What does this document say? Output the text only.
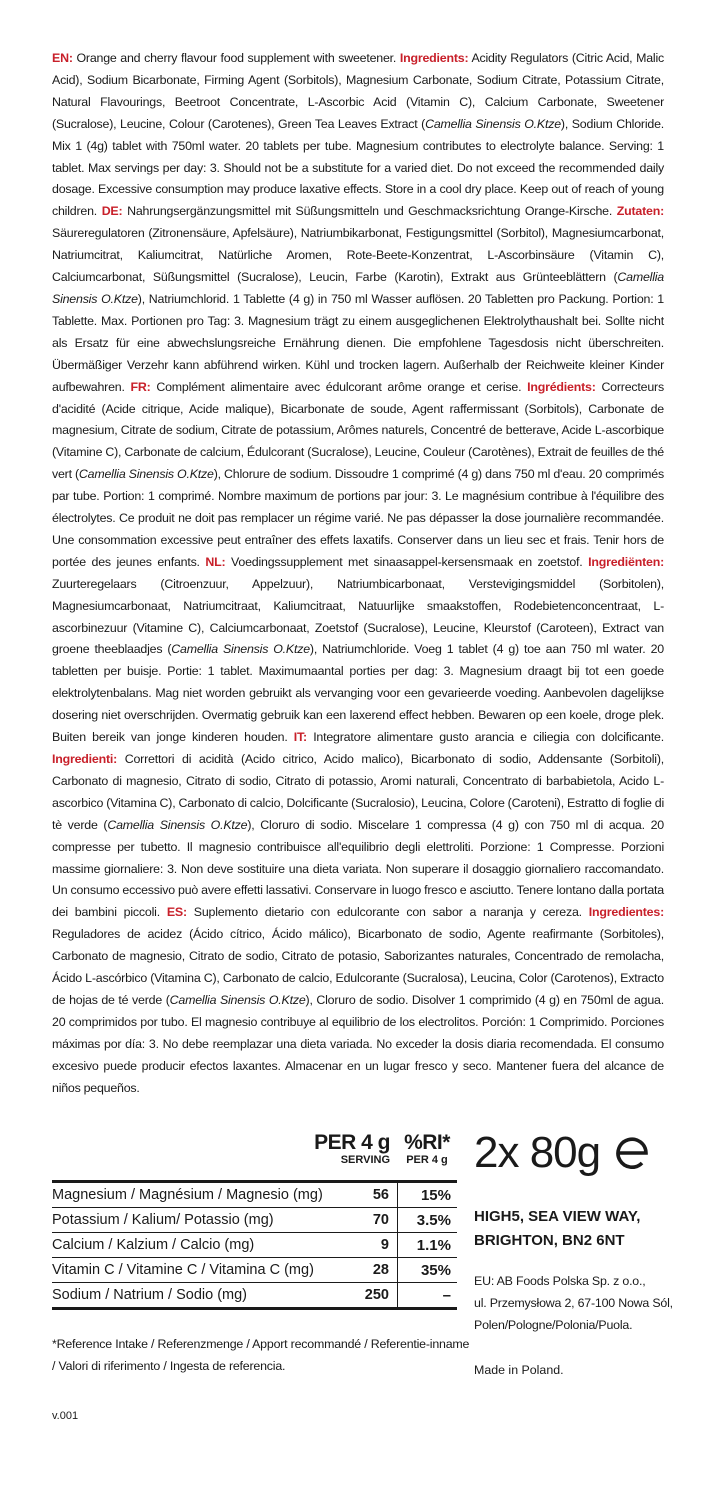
EN: Orange and cherry flavour food supplement with sweetener. Ingredients: Acidity Regulators (Citric Acid, Malic Acid), Sodium Bicarbonate, Firming Agent (Sorbitols), Magnesium Carbonate, Sodium Citrate, Potassium Citrate, Natural Flavourings, Beetroot Concentrate, L-Ascorbic Acid (Vitamin C), Calcium Carbonate, Sweetener (Sucralose), Leucine, Colour (Carotenes), Green Tea Leaves Extract (Camellia Sinensis O.Ktze), Sodium Chloride. Mix 1 (4g) tablet with 750ml water. 20 tablets per tube. Magnesium contributes to electrolyte balance. Serving: 1 tablet. Max servings per day: 3. Should not be a substitute for a varied diet. Do not exceed the recommended daily dosage. Excessive consumption may produce laxative effects. Store in a cool dry place. Keep out of reach of young children. DE: Nahrungsergänzungsmittel mit Süßungsmitteln und Geschmacksrichtung Orange-Kirsche. Zutaten: Säureregulatoren (Zitronensäure, Apfelsäure), Natriumbikarbonat, Festigungsmittel (Sorbitol), Magnesiumcarbonat, Natriumcitrat, Kaliumcitrat, Natürliche Aromen, Rote-Beete-Konzentrat, L-Ascorbinsäure (Vitamin C), Calciumcarbonat, Süßungsmittel (Sucralose), Leucin, Farbe (Karotin), Extrakt aus Grünteeblättern (Camellia Sinensis O.Ktze), Natriumchlorid. 1 Tablette (4 g) in 750 ml Wasser auflösen. 20 Tabletten pro Packung. Portion: 1 Tablette. Max. Portionen pro Tag: 3. Magnesium trägt zu einem ausgeglichenen Elektrolythaushalt bei. Sollte nicht als Ersatz für eine abwechslungsreiche Ernährung dienen. Die empfohlene Tagesdosis nicht überschreiten. Übermäßiger Verzehr kann abführend wirken. Kühl und trocken lagern. Außerhalb der Reichweite kleiner Kinder aufbewahren. FR: Complément alimentaire avec édulcorant arôme orange et cerise. Ingrédients: Correcteurs d'acidité (Acide citrique, Acide malique), Bicarbonate de soude, Agent raffermissant (Sorbitols), Carbonate de magnesium, Citrate de sodium, Citrate de potassium, Arômes naturels, Concentré de betterave, Acide L-ascorbique (Vitamine C), Carbonate de calcium, Édulcorant (Sucralose), Leucine, Couleur (Carotènes), Extrait de feuilles de thé vert (Camellia Sinensis O.Ktze), Chlorure de sodium. Dissoudre 1 comprimé (4 g) dans 750 ml d'eau. 20 comprimés par tube. Portion: 1 comprimé. Nombre maximum de portions par jour: 3. Le magnésium contribue à l'équilibre des électrolytes. Ce produit ne doit pas remplacer un régime varié. Ne pas dépasser la dose journalière recommandée. Une consommation excessive peut entraîner des effets laxatifs. Conserver dans un lieu sec et frais. Tenir hors de portée des jeunes enfants. NL: Voedingssupplement met sinaasappel-kersensmaak en zoetstof. Ingrediënten: Zuurteregelaars (Citroenzuur, Appelzuur), Natriumbicarbonaat, Verstevigingsmiddel (Sorbitolen), Magnesiumcarbonaat, Natriumcitraat, Kaliumcitraat, Natuurlijke smaakstoffen, Rodebietenconcentraat, L-ascorbinezuur (Vitamine C), Calciumcarbonaat, Zoetstof (Sucralose), Leucine, Kleurstof (Caroteen), Extract van groene theeblaadjes (Camellia Sinensis O.Ktze), Natriumchloride. Voeg 1 tablet (4 g) toe aan 750 ml water. 20 tabletten per buisje. Portie: 1 tablet. Maximumaantal porties per dag: 3. Magnesium draagt bij tot een goede elektrolytenbalans. Mag niet worden gebruikt als vervanging voor een gevarieerde voeding. Aanbevolen dagelijkse dosering niet overschrijden. Overmatig gebruik kan een laxerend effect hebben. Bewaren op een koele, droge plek. Buiten bereik van jonge kinderen houden. IT: Integratore alimentare gusto arancia e ciliegia con dolcificante. Ingredienti: Correttori di acidità (Acido citrico, Acido malico), Bicarbonato di sodio, Addensante (Sorbitoli), Carbonato di magnesio, Citrato di sodio, Citrato di potassio, Aromi naturali, Concentrato di barbabietola, Acido L-ascorbico (Vitamina C), Carbonato di calcio, Dolcificante (Sucralosio), Leucina, Colore (Caroteni), Estratto di foglie di tè verde (Camellia Sinensis O.Ktze), Cloruro di sodio. Miscelare 1 compressa (4 g) con 750 ml di acqua. 20 compresse per tubetto. Il magnesio contribuisce all'equilibrio degli elettroliti. Porzione: 1 Compresse. Porzioni massime giornaliere: 3. Non deve sostituire una dieta variata. Non superare il dosaggio giornaliero raccomandato. Un consumo eccessivo può avere effetti lassativi. Conservare in luogo fresco e asciutto. Tenere lontano dalla portata dei bambini piccoli. ES: Suplemento dietario con edulcorante con sabor a naranja y cereza. Ingredientes: Reguladores de acidez (Ácido cítrico, Ácido málico), Bicarbonato de sodio, Agente reafirmante (Sorbitoles), Carbonato de magnesio, Citrato de sodio, Citrato de potasio, Saborizantes naturales, Concentrado de remolacha, Ácido L-ascórbico (Vitamina C), Carbonato de calcio, Edulcorante (Sucralosa), Leucina, Color (Carotenos), Extracto de hojas de té verde (Camellia Sinensis O.Ktze), Cloruro de sodio. Disolver 1 comprimido (4 g) en 750ml de agua. 20 comprimidos por tubo. El magnesio contribuye al equilibrio de los electrolitos. Porción: 1 Comprimido. Porciones máximas por día: 3. No debe reemplazar una dieta variada. No exceder la dosis diaria recomendada. El consumo excesivo puede producir efectos laxantes. Almacenar en un lugar fresco y seco. Mantener fuera del alcance de niños pequeños.
PER 4 g
SERVING
%RI*
PER 4 g
Magnesium / Magnésium / Magnesio (mg)	56	15%
Potassium / Kalium/ Potassio (mg)	70	3.5%
Calcium / Kalzium / Calcio (mg)	9	1.1%
Vitamin C / Vitamine C / Vitamina C (mg)	28	35%
Sodium / Natrium / Sodio (mg)	250	–
*Reference Intake / Referenzmenge / Apport recommandé / Referentie-inname / Valori di riferimento / Ingesta de referencia.
v.001
2x 80g
HIGH5, SEA VIEW WAY,
BRIGHTON, BN2 6NT
EU: AB Foods Polska Sp. z o.o.,
ul. Przemysłowa 2, 67-100 Nowa Sól,
Polen/Pologne/Polonia/Puola.
Made in Poland.
